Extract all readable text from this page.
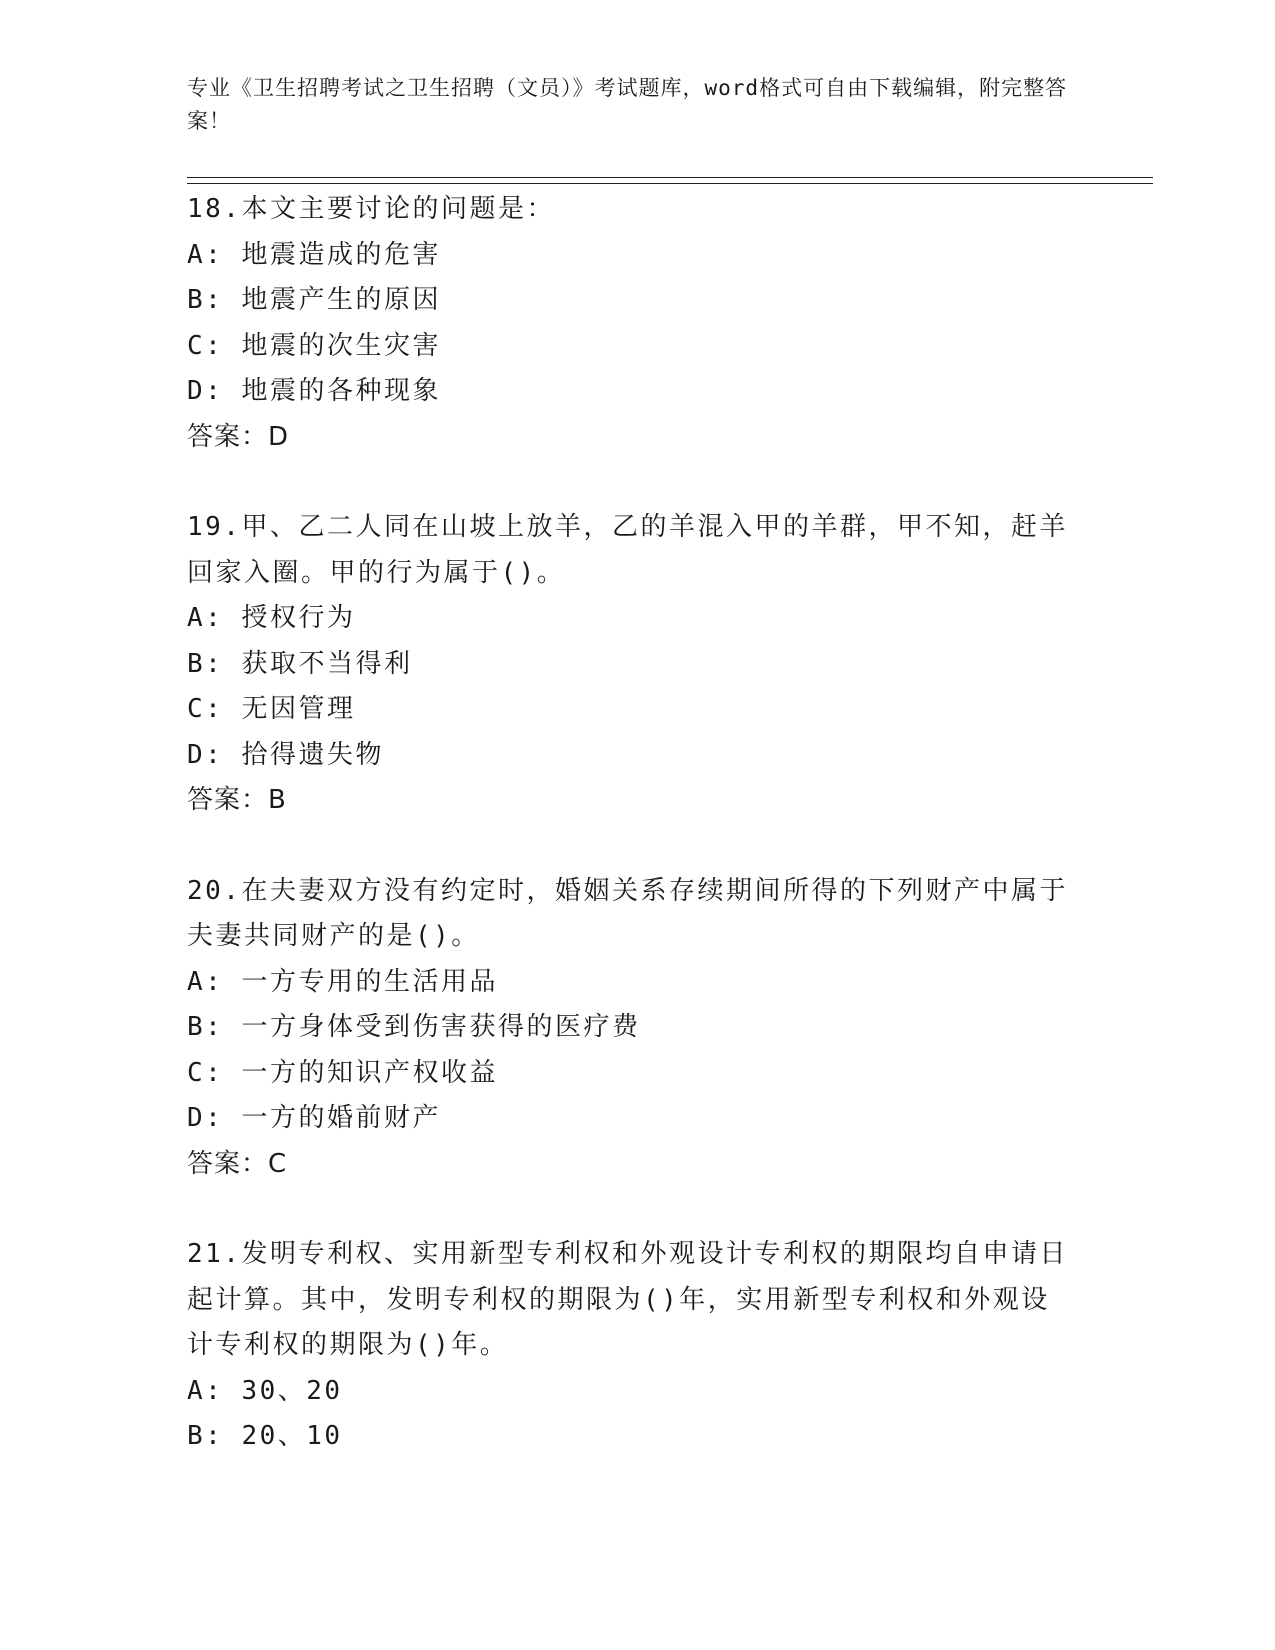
专业《卫生招聘考试之卫生招聘（文员）》考试题库，word格式可自由下载编辑，附完整答案！
18.本文主要讨论的问题是：
A: 地震造成的危害
B: 地震产生的原因
C: 地震的次生灾害
D: 地震的各种现象
答案：D
19.甲、乙二人同在山坡上放羊，乙的羊混入甲的羊群，甲不知，赶羊回家入圈。甲的行为属于()。
A: 授权行为
B: 获取不当得利
C: 无因管理
D: 拾得遗失物
答案：B
20.在夫妻双方没有约定时，婚姻关系存续期间所得的下列财产中属于夫妻共同财产的是()。
A: 一方专用的生活用品
B: 一方身体受到伤害获得的医疗费
C: 一方的知识产权收益
D: 一方的婚前财产
答案：C
21.发明专利权、实用新型专利权和外观设计专利权的期限均自申请日起计算。其中，发明专利权的期限为()年，实用新型专利权和外观设计专利权的期限为()年。
A: 30、20
B: 20、10
